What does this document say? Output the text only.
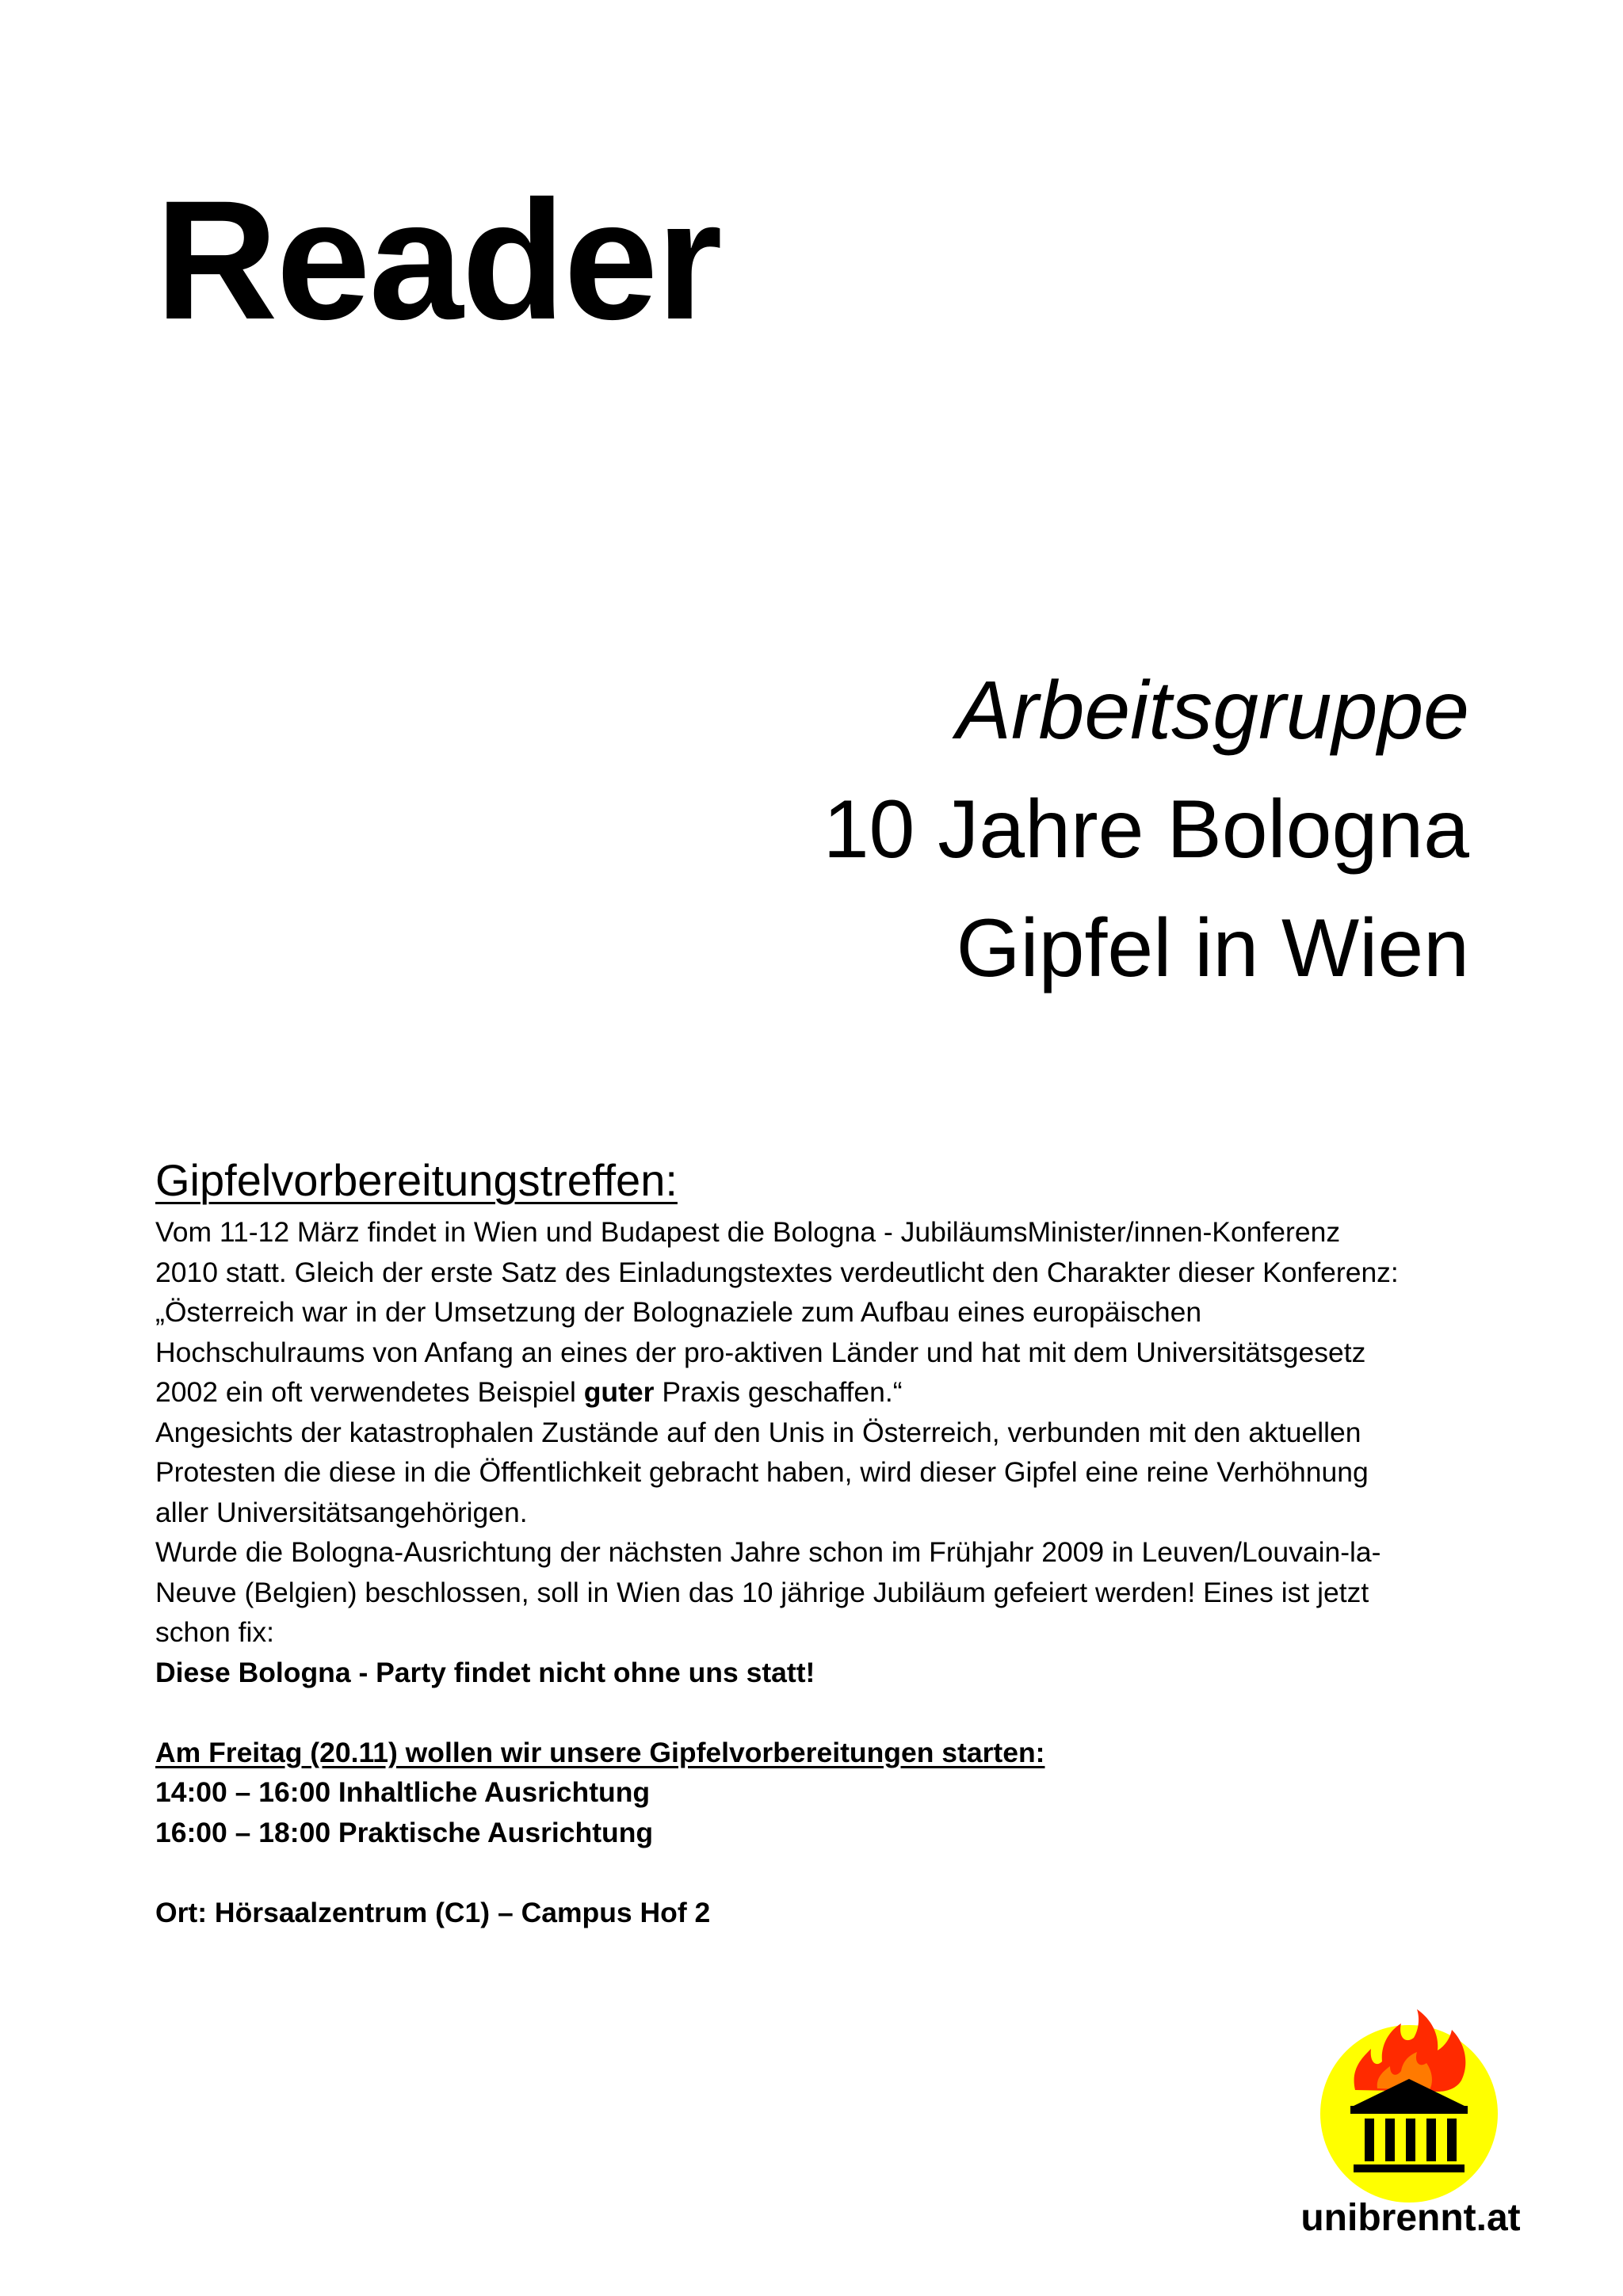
Reader
Arbeitsgruppe
10 Jahre Bologna
Gipfel in Wien
Gipfelvorbereitungstreffen:
Vom 11-12 März findet in Wien und Budapest die Bologna - JubiläumsMinister/innen-Konferenz
2010 statt. Gleich der erste Satz des Einladungstextes verdeutlicht den Charakter dieser Konferenz:
„Österreich war in der Umsetzung der Bolognaziele zum Aufbau eines europäischen
Hochschulraums von Anfang an eines der pro-aktiven Länder und hat mit dem Universitätsgesetz
2002 ein oft verwendetes Beispiel guter Praxis geschaffen.“
Angesichts der katastrophalen Zustände auf den Unis in Österreich, verbunden mit den aktuellen
Protesten die diese in die Öffentlichkeit gebracht haben, wird dieser Gipfel eine reine Verhöhnung
aller Universitätsangehörigen.
Wurde die Bologna-Ausrichtung der nächsten Jahre schon im Frühjahr 2009 in Leuven/Louvain-la-
Neuve (Belgien) beschlossen, soll in Wien das 10 jährige Jubiläum gefeiert werden! Eines ist jetzt
schon fix:
Diese Bologna - Party findet nicht ohne uns statt!
Am Freitag (20.11) wollen wir unsere Gipfelvorbereitungen starten:
14:00 – 16:00 Inhaltliche Ausrichtung
16:00 – 18:00 Praktische Ausrichtung
Ort: Hörsaalzentrum (C1) – Campus Hof 2
unibrennt.at
